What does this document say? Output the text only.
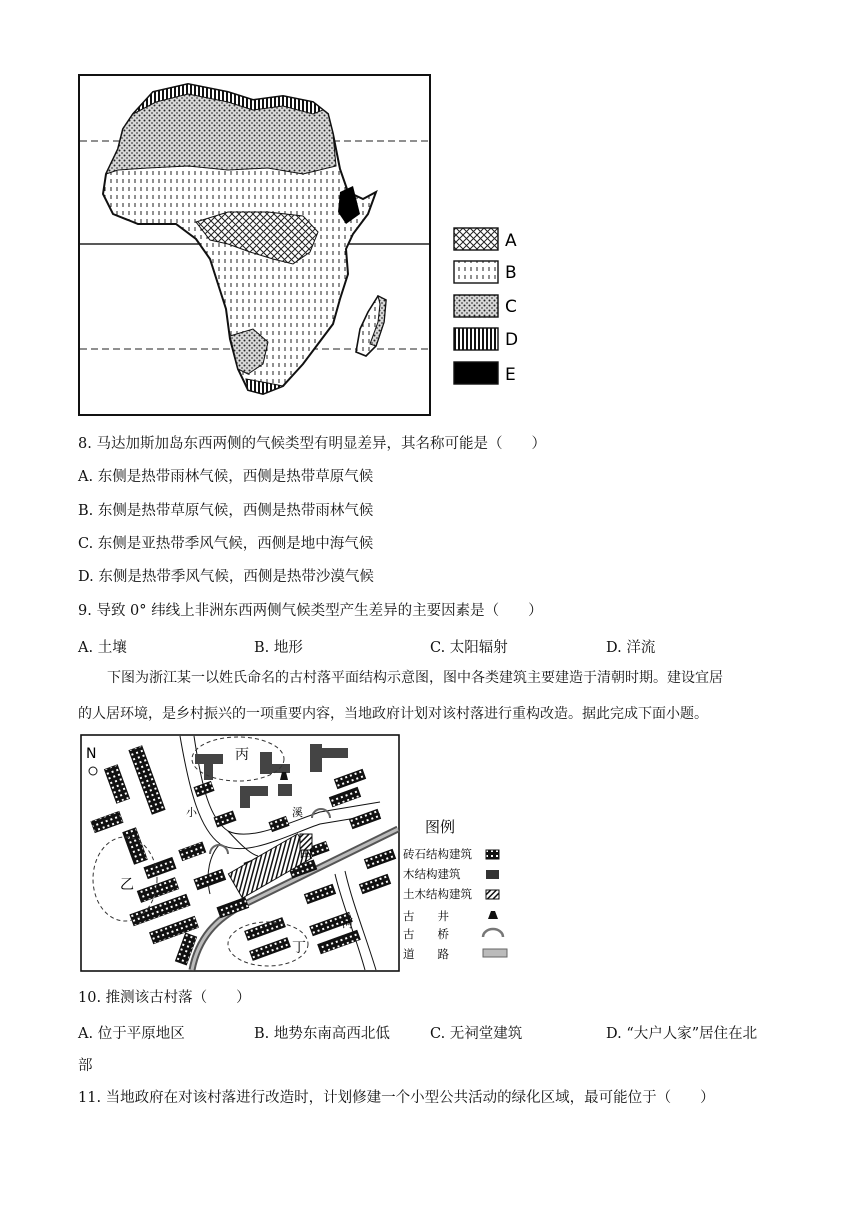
A
B
C
D
E
8. 马达加斯加岛东西两侧的气候类型有明显差异，其名称可能是（　　）
A. 东侧是热带雨林气候，西侧是热带草原气候
B. 东侧是热带草原气候，西侧是热带雨林气候
C. 东侧是亚热带季风气候，西侧是地中海气候
D. 东侧是热带季风气候，西侧是热带沙漠气候
9. 导致 0° 纬线上非洲东西两侧气候类型产生差异的主要因素是（　　）
A. 土壤	B. 地形	C. 太阳辐射	D. 洋流
下图为浙江某一以姓氏命名的古村落平面结构示意图，图中各类建筑主要建造于清朝时期。建设宜居
的人居环境，是乡村振兴的一项重要内容，当地政府计划对该村落进行重构改造。据此完成下面小题。
N	丙
甲
乙
丁
小	溪
河
图例
砖石结构建筑
木结构建筑
土木结构建筑
古　　井
古　　桥
道　　路
10. 推测该古村落（　　）
A. 位于平原地区	B. 地势东南高西北低	C. 无祠堂建筑	D. “大户人家”居住在北
部
11. 当地政府在对该村落进行改造时，计划修建一个小型公共活动的绿化区域，最可能位于（　　）
